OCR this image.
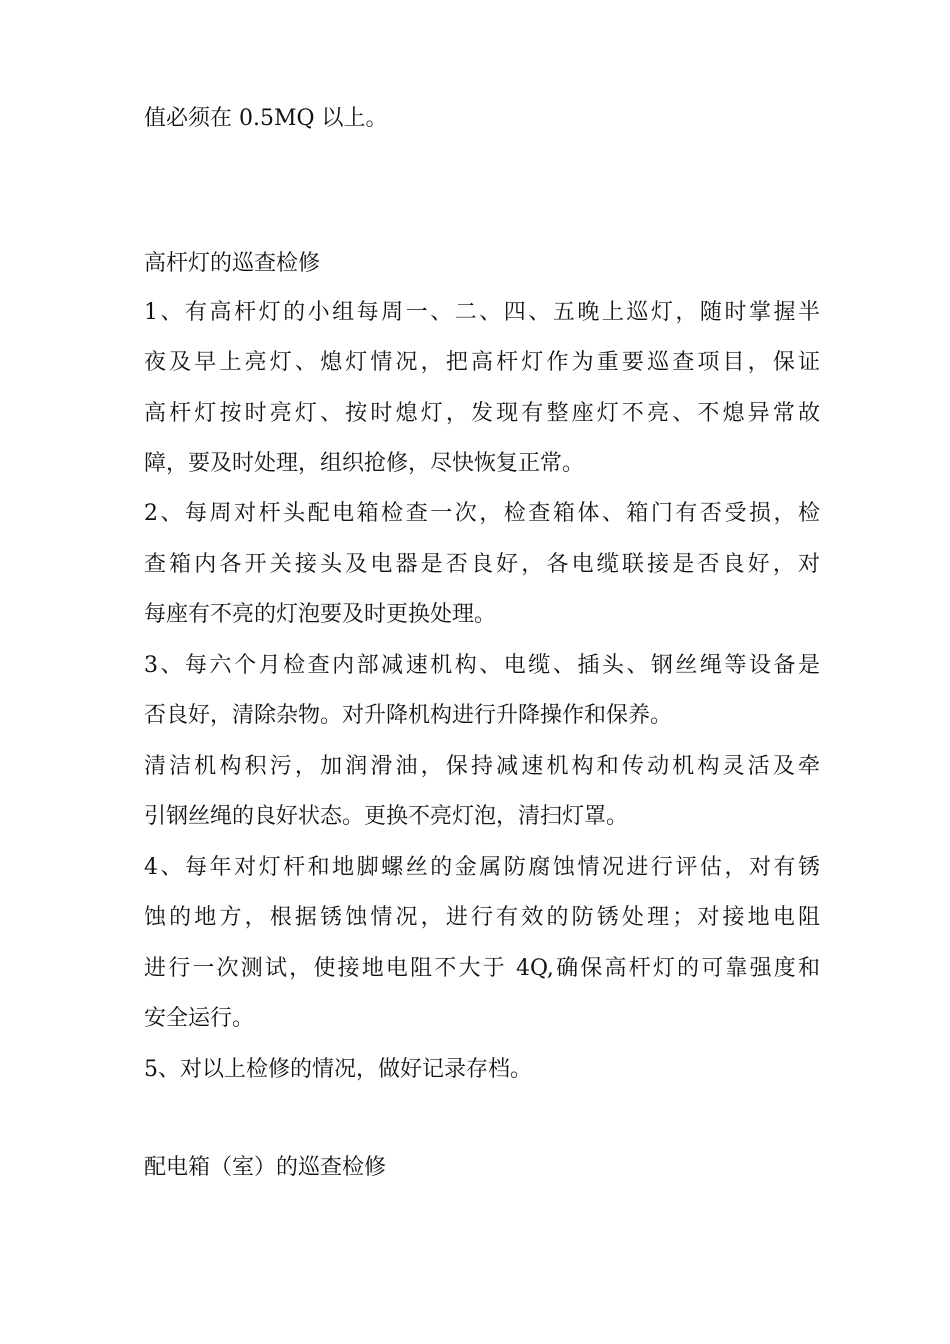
值必须在 0.5MQ 以上。
高杆灯的巡查检修
1、有高杆灯的小组每周一、二、四、五晚上巡灯，随时掌握半
夜及早上亮灯、熄灯情况，把高杆灯作为重要巡查项目，保证
高杆灯按时亮灯、按时熄灯，发现有整座灯不亮、不熄异常故
障，要及时处理，组织抢修，尽快恢复正常。
2、每周对杆头配电箱检查一次，检查箱体、箱门有否受损，检
查箱内各开关接头及电器是否良好，各电缆联接是否良好，对
每座有不亮的灯泡要及时更换处理。
3、每六个月检查内部减速机构、电缆、插头、钢丝绳等设备是
否良好，清除杂物。对升降机构进行升降操作和保养。
清洁机构积污，加润滑油，保持减速机构和传动机构灵活及牵
引钢丝绳的良好状态。更换不亮灯泡，清扫灯罩。
4、每年对灯杆和地脚螺丝的金属防腐蚀情况进行评估，对有锈
蚀的地方，根据锈蚀情况，进行有效的防锈处理；对接地电阻
进行一次测试，使接地电阻不大于 4Q,确保高杆灯的可靠强度和
安全运行。
5、对以上检修的情况，做好记录存档。
配电箱（室）的巡查检修
